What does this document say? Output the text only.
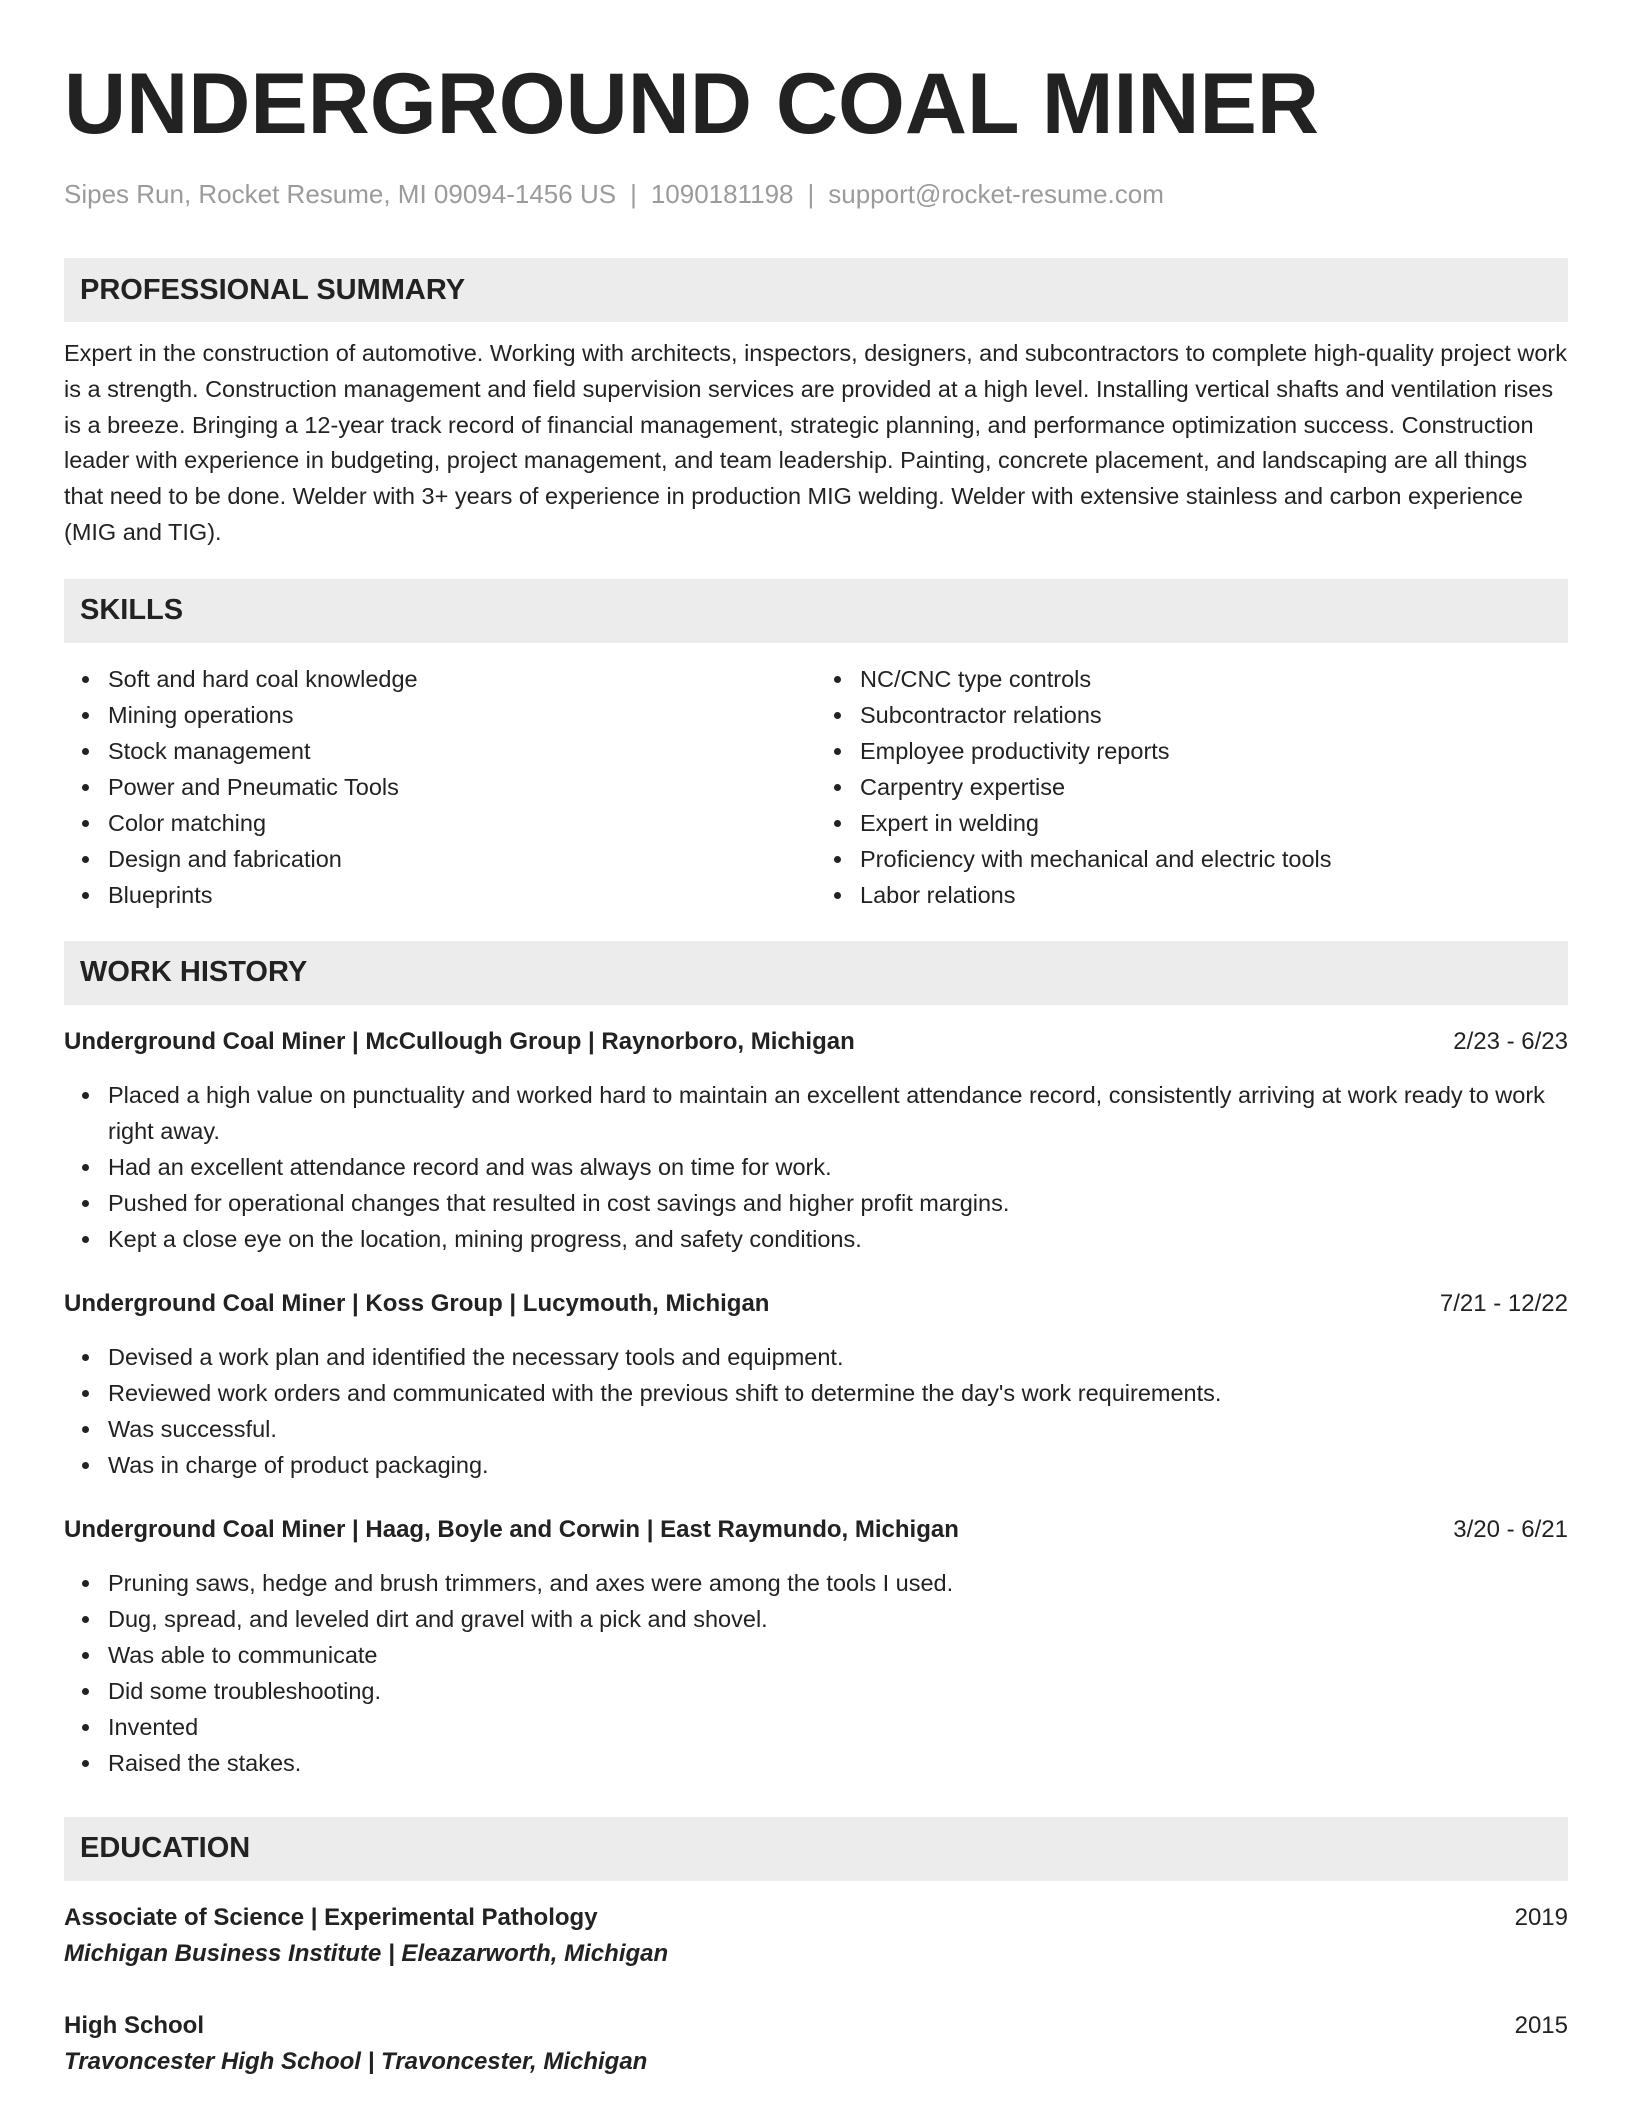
UNDERGROUND COAL MINER
Sipes Run, Rocket Resume, MI 09094-1456 US | 1090181198 | support@rocket-resume.com
PROFESSIONAL SUMMARY
Expert in the construction of automotive. Working with architects, inspectors, designers, and subcontractors to complete high-quality project work is a strength. Construction management and field supervision services are provided at a high level. Installing vertical shafts and ventilation rises is a breeze. Bringing a 12-year track record of financial management, strategic planning, and performance optimization success. Construction leader with experience in budgeting, project management, and team leadership. Painting, concrete placement, and landscaping are all things that need to be done. Welder with 3+ years of experience in production MIG welding. Welder with extensive stainless and carbon experience (MIG and TIG).
SKILLS
Soft and hard coal knowledge
Mining operations
Stock management
Power and Pneumatic Tools
Color matching
Design and fabrication
Blueprints
NC/CNC type controls
Subcontractor relations
Employee productivity reports
Carpentry expertise
Expert in welding
Proficiency with mechanical and electric tools
Labor relations
WORK HISTORY
Underground Coal Miner | McCullough Group | Raynorboro, Michigan	2/23 - 6/23
Placed a high value on punctuality and worked hard to maintain an excellent attendance record, consistently arriving at work ready to work right away.
Had an excellent attendance record and was always on time for work.
Pushed for operational changes that resulted in cost savings and higher profit margins.
Kept a close eye on the location, mining progress, and safety conditions.
Underground Coal Miner | Koss Group | Lucymouth, Michigan	7/21 - 12/22
Devised a work plan and identified the necessary tools and equipment.
Reviewed work orders and communicated with the previous shift to determine the day's work requirements.
Was successful.
Was in charge of product packaging.
Underground Coal Miner | Haag, Boyle and Corwin | East Raymundo, Michigan	3/20 - 6/21
Pruning saws, hedge and brush trimmers, and axes were among the tools I used.
Dug, spread, and leveled dirt and gravel with a pick and shovel.
Was able to communicate
Did some troubleshooting.
Invented
Raised the stakes.
EDUCATION
Associate of Science | Experimental Pathology	2019
Michigan Business Institute | Eleazarworth, Michigan
High School	2015
Travoncester High School | Travoncester, Michigan
